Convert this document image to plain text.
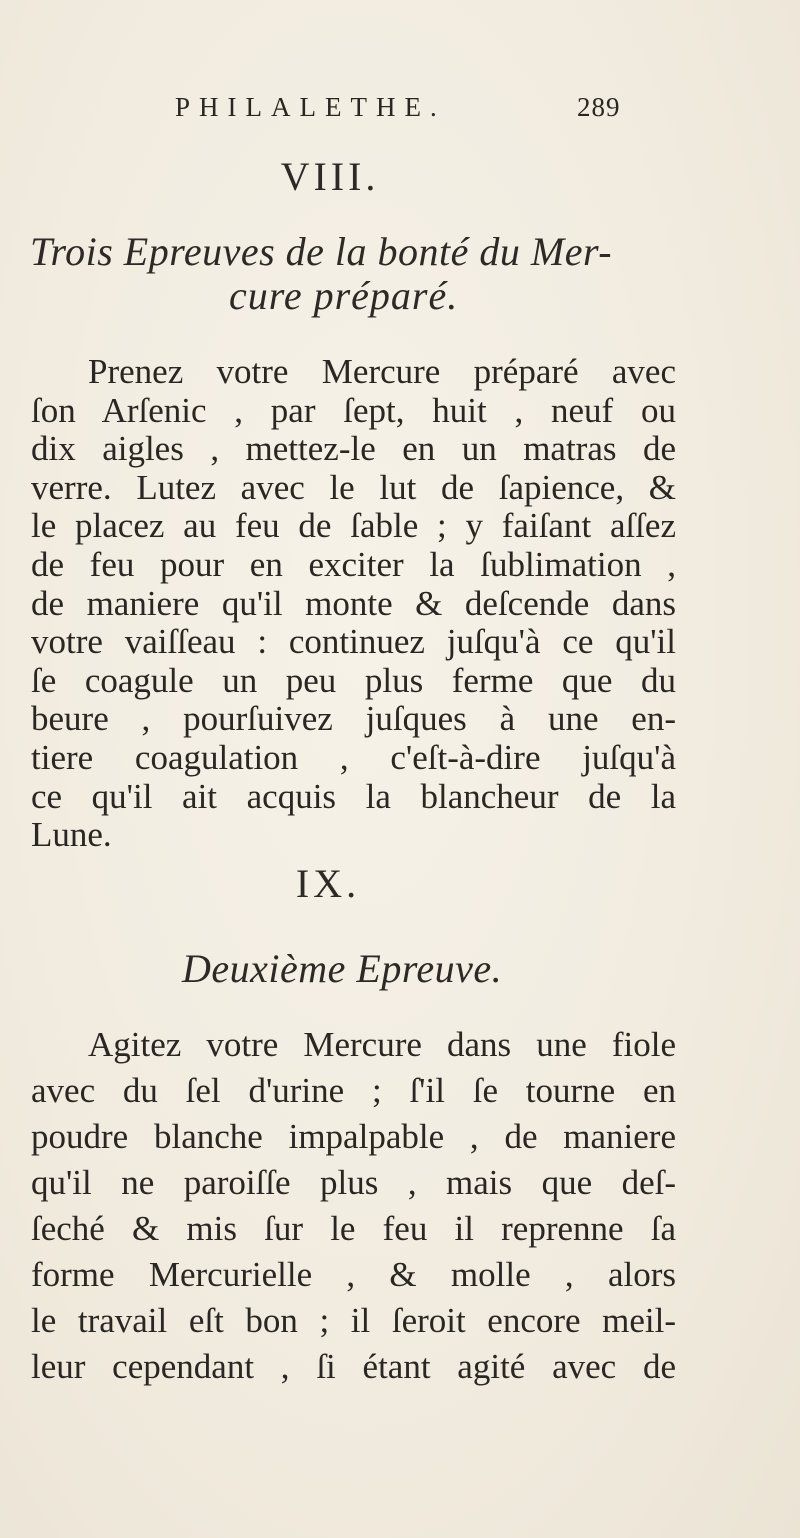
PHILALETHE.	289
VIII.
Trois Epreuves de la bonté du Mer-
cure préparé.
Prenez votre Mercure préparé avec
ſon Arſenic , par ſept, huit , neuf ou
dix aigles , mettez-le en un matras de
verre. Lutez avec le lut de ſapience, &
le placez au feu de ſable ; y faiſant aſſez
de feu pour en exciter la ſublimation ,
de maniere qu'il monte & deſcende dans
votre vaiſſeau : continuez juſqu'à ce qu'il
ſe coagule un peu plus ferme que du
beure , pourſuivez juſques à une en-
tiere coagulation , c'eſt-à-dire juſqu'à
ce qu'il ait acquis la blancheur de la
Lune.
IX.
Deuxième Epreuve.
Agitez votre Mercure dans une fiole
avec du ſel d'urine ; ſ'il ſe tourne en
poudre blanche impalpable , de maniere
qu'il ne paroiſſe plus , mais que deſ-
ſeché & mis ſur le feu il reprenne ſa
forme Mercurielle , & molle , alors
le travail eſt bon ; il ſeroit encore meil-
leur cependant , ſi étant agité avec de
